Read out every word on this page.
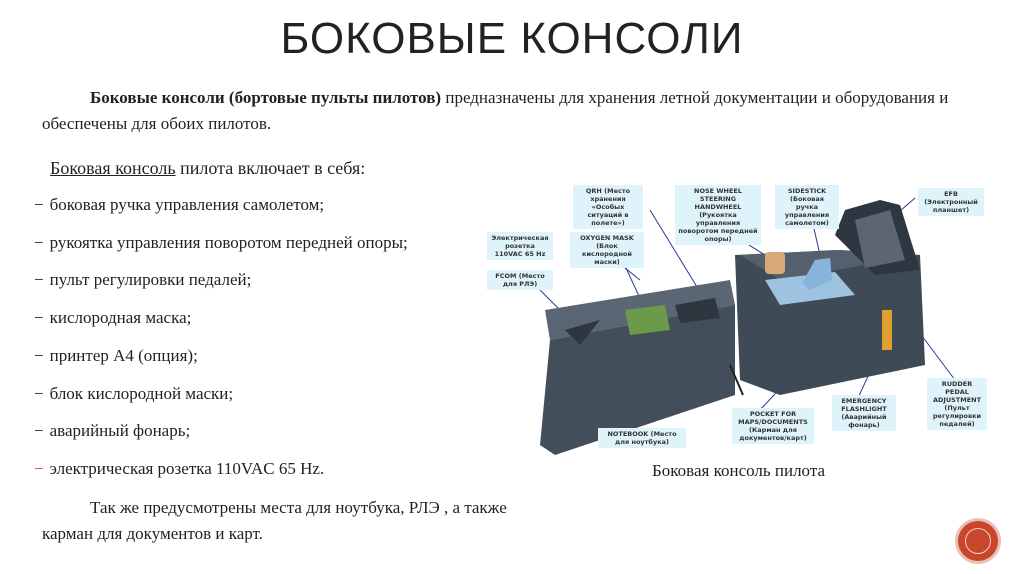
БОКОВЫЕ КОНСОЛИ
Боковые консоли (бортовые пульты пилотов) предназначены для хранения летной документации и оборудования и обеспечены для обоих пилотов.
Боковая консоль пилота включает в себя:
− боковая ручка управления самолетом;
− рукоятка управления поворотом передней опоры;
− пульт регулировки педалей;
− кислородная маска;
− принтер А4 (опция);
− блок кислородной маски;
− аварийный фонарь;
− электрическая розетка 110VAC 65 Hz.
Так же предусмотрены места для ноутбука, РЛЭ , а также карман для документов и карт.
QRH (Место хранения «Особых ситуаций в полете»)
NOSE WHEEL STEERING HANDWHEEL (Рукоятка управления поворотом передней опоры)
SIDESTICK (Боковая ручка управления самолетом)
EFB (Электронный планшет)
Электрическая розетка 110VAC 65 Hz
OXYGEN MASK (Блок кислородной маски)
FCOM (Место для РЛЭ)
NOTEBOOK (Место для ноутбука)
POCKET FOR MAPS/DOCUMENTS (Карман для документов/карт)
EMERGENCY FLASHLIGHT (Аварийный фонарь)
RUDDER PEDAL ADJUSTMENT (Пульт регулировки педалей)
Боковая консоль пилота
